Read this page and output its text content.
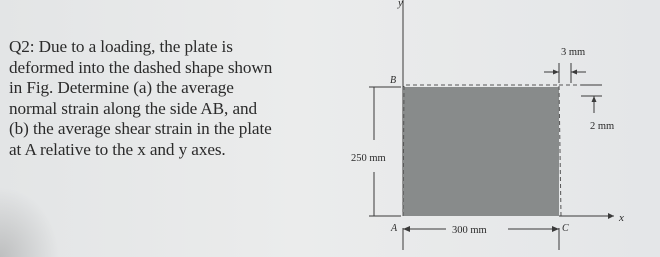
Q2: Due to a loading, the plate is
deformed into the dashed shape shown
in Fig. Determine (a) the average
normal strain along the side AB, and
(b) the average shear strain in the plate
at A relative to the x and y axes.
y
x
B
A	C
250 mm
300 mm
3 mm
2 mm
